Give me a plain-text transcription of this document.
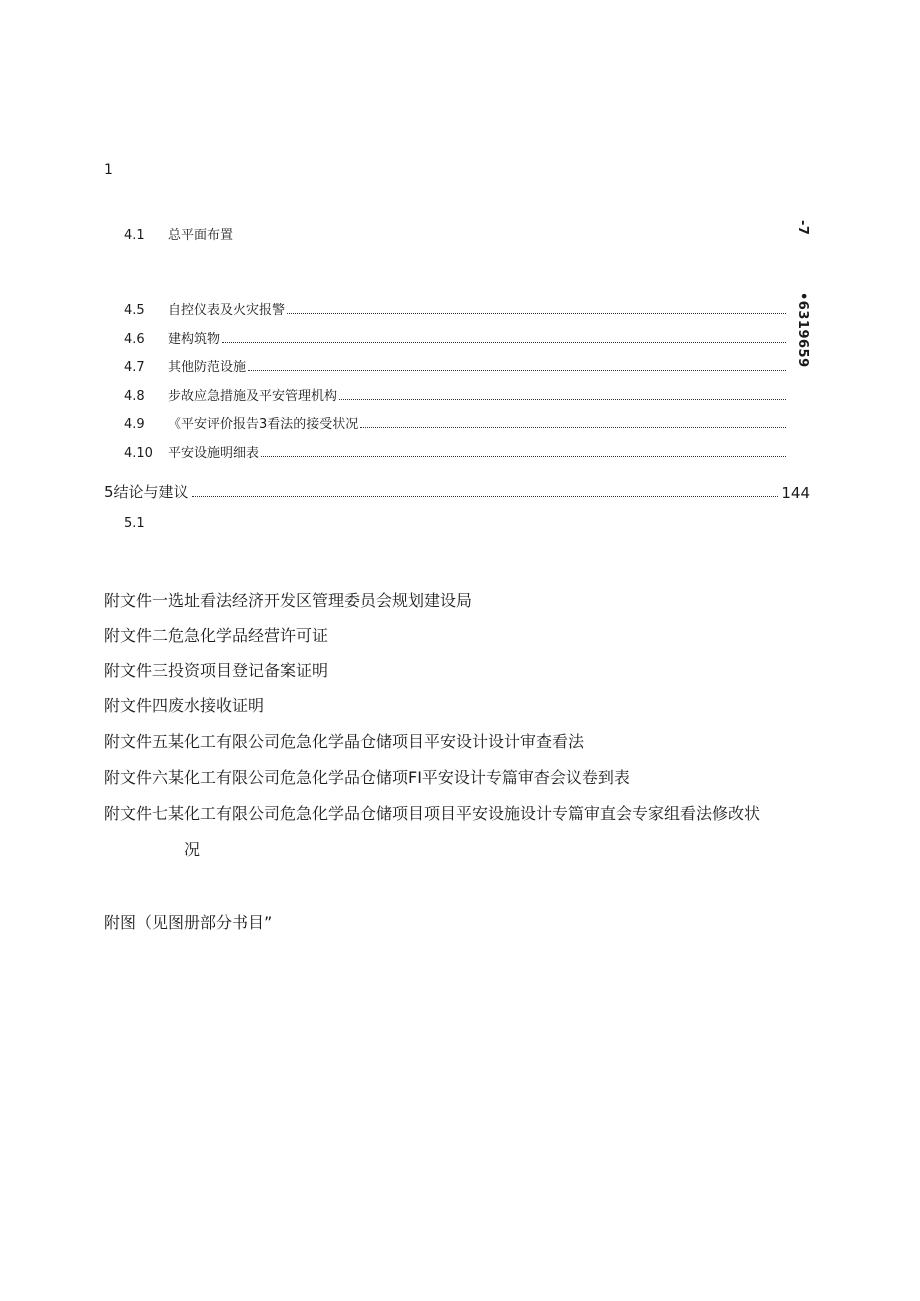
1
4.1	总平面布置
4.5	自控仪表及火灾报警
4.6	建构筑物
4.7	其他防范设施
4.8	步故应急措施及平安管理机构
4.9	《平安评价报告3看法的接受状况
4.10	平安设施明细表
-7
•6319659
5结论与建议	144
5.1
附文件一选址看法经济开发区管理委员会规划建设局
附文件二危急化学品经营许可证
附文件三投资项目登记备案证明
附文件四废水接收证明
附文件五某化工有限公司危急化学晶仓储项目平安设计设计审查看法
附文件六某化工有限公司危急化学品仓储项FI平安设计专篇审杳会议卷到表
附文件七某化工有限公司危急化学品仓储项目项目平安设施设计专篇审直会专家组看法修改状
况
附图（见图册部分书目”
